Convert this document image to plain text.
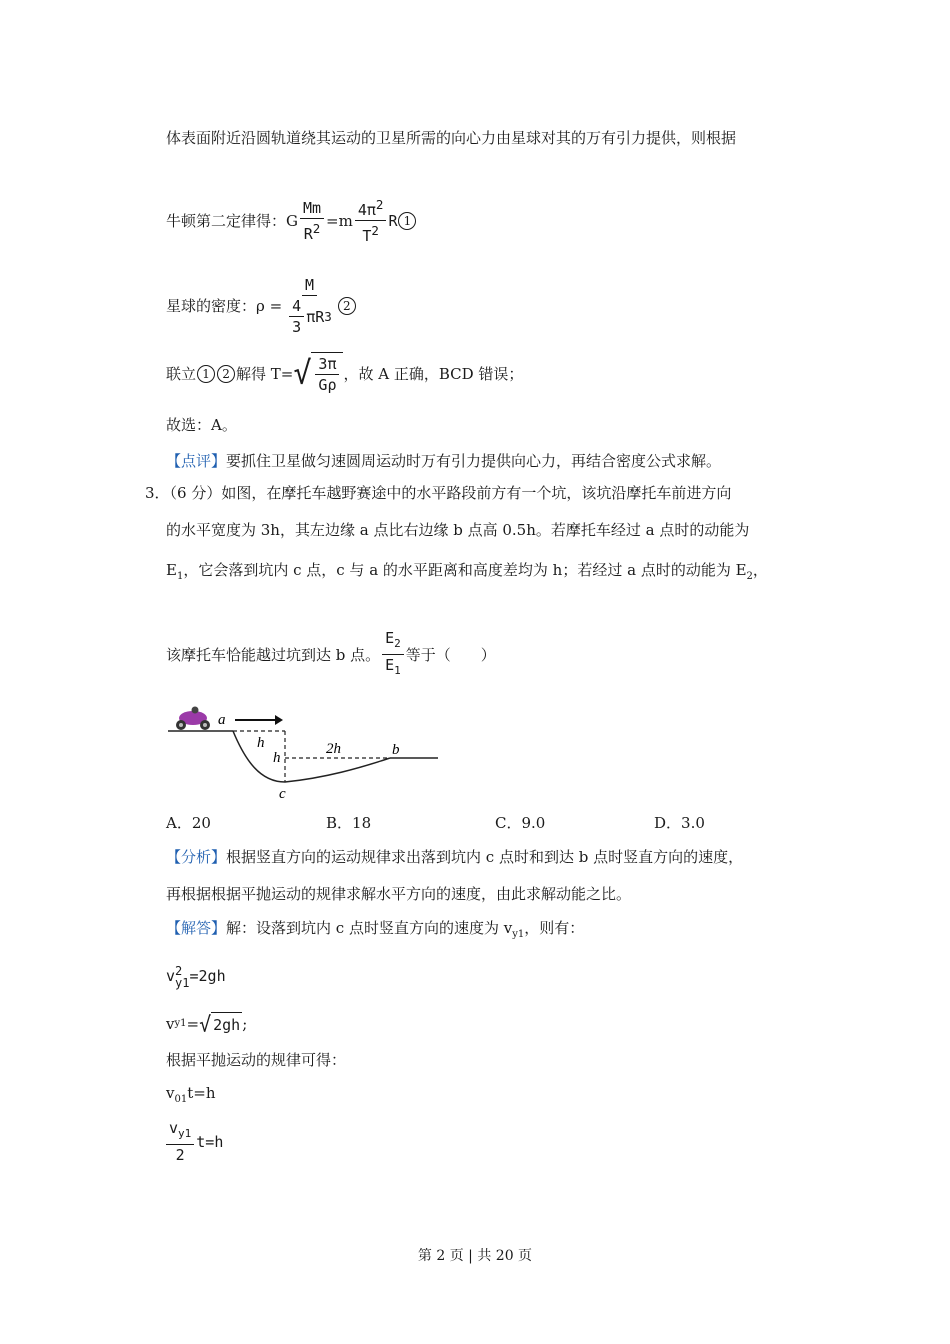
体表面附近沿圆轨道绕其运动的卫星所需的向心力由星球对其的万有引力提供，则根据
牛顿第二定律得：G $\frac{Mm}{R^2} =m \frac{4\pi^2}{T^2}$ R 1
星球的密度：$\rho = \frac{M}{\frac{4}{3} \pi R 3} 2$
联立 1	2 解得 T= √ $\frac{3\pi}{G\rho}$ ，故 A 正确，BCD 错误；
故选：A。
【点评】要抓住卫星做匀速圆周运动时万有引力提供向心力，再结合密度公式求解。
3．（6 分）如图，在摩托车越野赛途中的水平路段前方有一个坑，该坑沿摩托车前进方向
的水平宽度为 3h，其左边缘 a 点比右边缘 b 点高 0.5h。若摩托车经过 a 点时的动能为
$E_1$，它会落到坑内 c 点，c 与 a 的水平距离和高度差均为 h；若经过 a 点时的动能为 $E_2$，
该摩托车恰能越过坑到达 b 点。 $\frac{E_2}{E_1}$ 等于（　　）
a
h
h
2h	b
c
A．20	B．18	C．9.0	D．3.0
【分析】根据竖直方向的运动规律求出落到坑内 c 点时和到达 b 点时竖直方向的速度，
再根据根据平抛运动的规律求解水平方向的速度，由此求解动能之比。
【解答】解：设落到坑内 c 点时竖直方向的速度为 $v_{y1}$，则有：
v 2
y1 =2gh
v y1 = √ 2gh ;
根据平抛运动的规律可得：
$v_{01}t=h$
$\frac{v_{y1}}{2} t=h$
第 2 页 | 共 20 页
